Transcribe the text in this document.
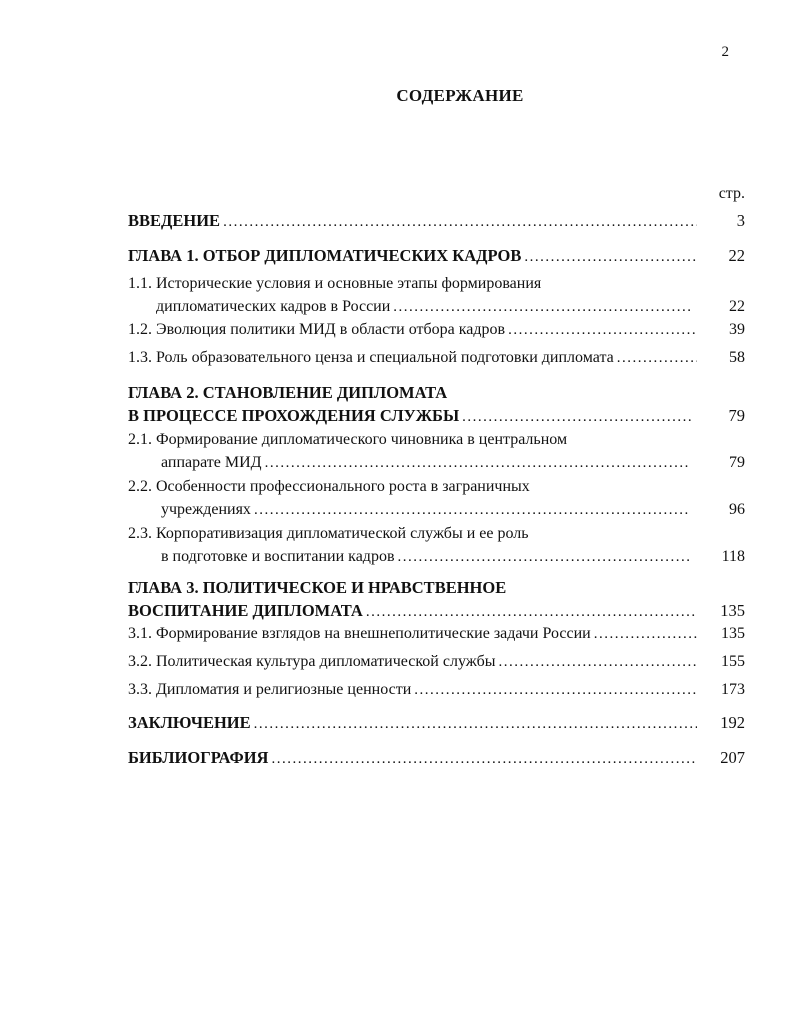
2
СОДЕРЖАНИЕ
стр.
ВВЕДЕНИЕ .....	3
ГЛАВА 1. ОТБОР ДИПЛОМАТИЧЕСКИХ КАДРОВ .....	22
1.1. Исторические условия и основные этапы формирования
дипломатических кадров в России .....	22
1.2. Эволюция политики МИД в области отбора кадров .....	39
1.3. Роль образовательного ценза и специальной подготовки дипломата .....	58
ГЛАВА 2. СТАНОВЛЕНИЕ ДИПЛОМАТА
В ПРОЦЕССЕ ПРОХОЖДЕНИЯ СЛУЖБЫ .....	79
2.1. Формирование дипломатического чиновника в центральном
аппарате МИД .....	79
2.2. Особенности профессионального роста в заграничных
учреждениях .....	96
2.3. Корпоративизация дипломатической службы и ее роль
в подготовке и воспитании кадров .....	118
ГЛАВА 3. ПОЛИТИЧЕСКОЕ И НРАВСТВЕННОЕ
ВОСПИТАНИЕ ДИПЛОМАТА .....	135
3.1. Формирование взглядов на внешнеполитические задачи России .....	135
3.2. Политическая культура дипломатической службы .....	155
3.3. Дипломатия и религиозные ценности .....	173
ЗАКЛЮЧЕНИЕ .....	192
БИБЛИОГРАФИЯ .....	207
